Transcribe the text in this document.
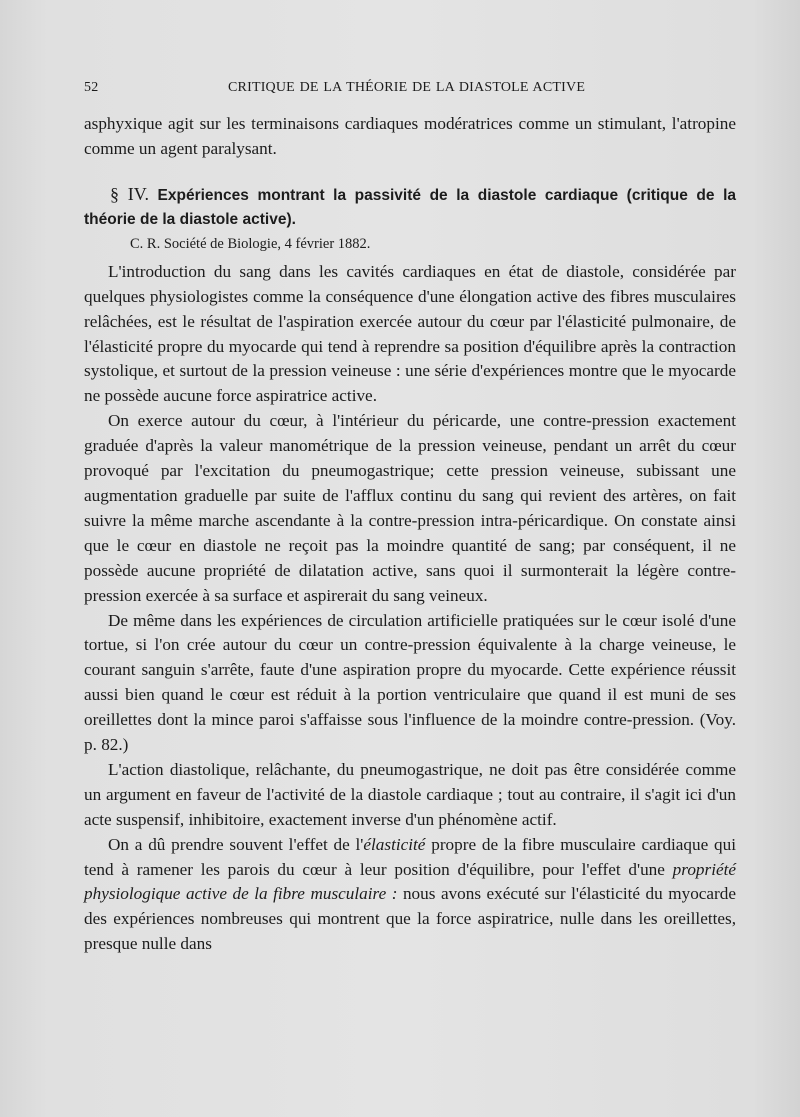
52	CRITIQUE DE LA THÉORIE DE LA DIASTOLE ACTIVE

asphyxique agit sur les terminaisons cardiaques modératrices comme un stimulant, l'atropine comme un agent paralysant.

§ IV. Expériences montrant la passivité de la diastole cardiaque (critique de la théorie de la diastole active).

C. R. Société de Biologie, 4 février 1882.

L'introduction du sang dans les cavités cardiaques en état de diastole, considérée par quelques physiologistes comme la conséquence d'une élongation active des fibres musculaires relâchées, est le résultat de l'aspiration exercée autour du cœur par l'élasticité pulmonaire, de l'élasticité propre du myocarde qui tend à reprendre sa position d'équilibre après la contraction systolique, et surtout de la pression veineuse : une série d'expériences montre que le myocarde ne possède aucune force aspiratrice active.

On exerce autour du cœur, à l'intérieur du péricarde, une contre-pression exactement graduée d'après la valeur manométrique de la pression veineuse, pendant un arrêt du cœur provoqué par l'excitation du pneumogastrique; cette pression veineuse, subissant une augmentation graduelle par suite de l'afflux continu du sang qui revient des artères, on fait suivre la même marche ascendante à la contre-pression intra-péricardique. On constate ainsi que le cœur en diastole ne reçoit pas la moindre quantité de sang; par conséquent, il ne possède aucune propriété de dilatation active, sans quoi il surmonterait la légère contre-pression exercée à sa surface et aspirerait du sang veineux.

De même dans les expériences de circulation artificielle pratiquées sur le cœur isolé d'une tortue, si l'on crée autour du cœur un contre-pression équivalente à la charge veineuse, le courant sanguin s'arrête, faute d'une aspiration propre du myocarde. Cette expérience réussit aussi bien quand le cœur est réduit à la portion ventriculaire que quand il est muni de ses oreillettes dont la mince paroi s'affaisse sous l'influence de la moindre contre-pression. (Voy. p. 82.)

L'action diastolique, relâchante, du pneumogastrique, ne doit pas être considérée comme un argument en faveur de l'activité de la diastole cardiaque ; tout au contraire, il s'agit ici d'un acte suspensif, inhibitoire, exactement inverse d'un phénomène actif.

On a dû prendre souvent l'effet de l'élasticité propre de la fibre musculaire cardiaque qui tend à ramener les parois du cœur à leur position d'équilibre, pour l'effet d'une propriété physiologique active de la fibre musculaire : nous avons exécuté sur l'élasticité du myocarde des expériences nombreuses qui montrent que la force aspiratrice, nulle dans les oreillettes, presque nulle dans
